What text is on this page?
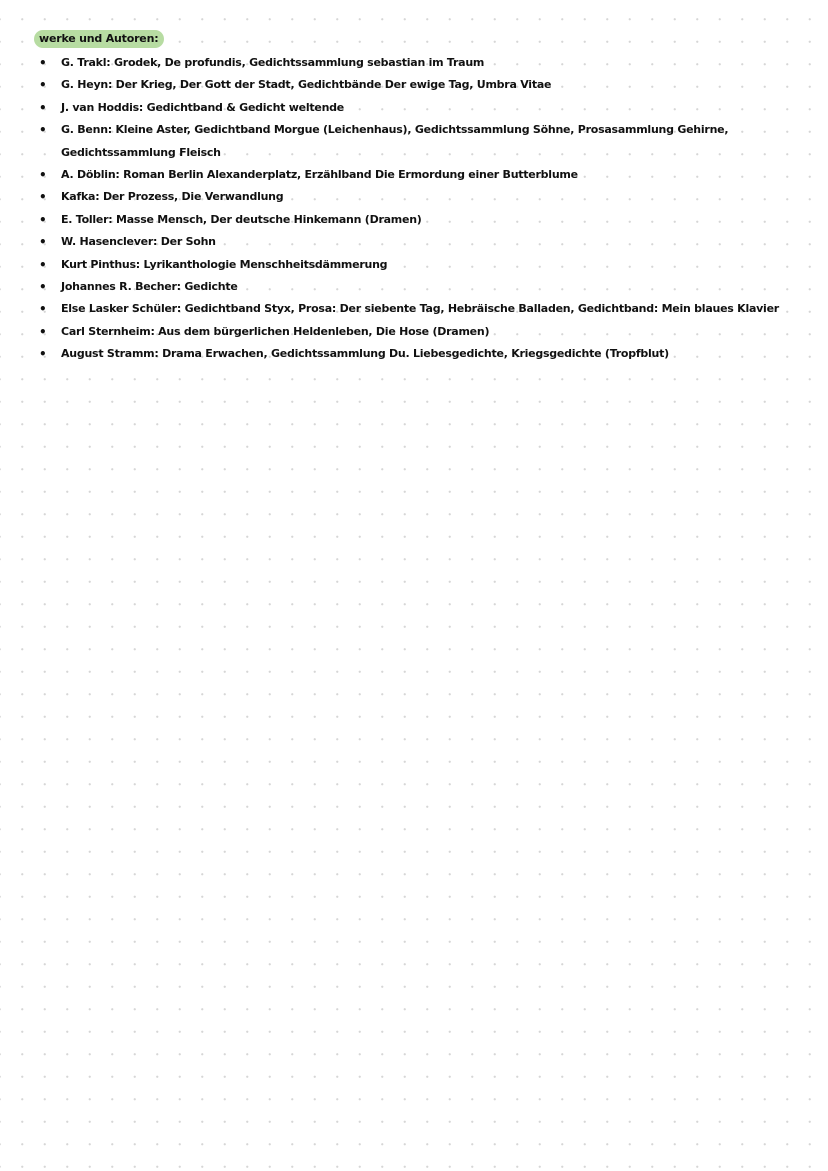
werke und Autoren:
• G. Trakl: Grodek, De profundis, Gedichtssammlung sebastian im Traum
• G. Heyn: Der Krieg, Der Gott der Stadt, Gedichtbände Der ewige Tag, Umbra Vitae
• J. van Hoddis: Gedichtband & Gedicht weltende
• G. Benn: Kleine Aster, Gedichtband Morgue (Leichenhaus), Gedichtssammlung Söhne, Prosasammlung Gehirne, Gedichtssammlung Fleisch
• A. Döblin: Roman Berlin Alexanderplatz, Erzählband Die Ermordung einer Butterblume
• Kafka: Der Prozess, Die Verwandlung
• E. Toller: Masse Mensch, Der deutsche Hinkemann (Dramen)
• W. Hasenclever: Der Sohn
• Kurt Pinthus: Lyrikanthologie Menschheitsdämmerung
• Johannes R. Becher: Gedichte
• Else Lasker Schüler: Gedichtband Styx, Prosa: Der siebente Tag, Hebräische Balladen, Gedichtband: Mein blaues Klavier
• Carl Sternheim: Aus dem bürgerlichen Heldenleben, Die Hose (Dramen)
• August Stramm: Drama Erwachen, Gedichtssammlung Du. Liebesgedichte, Kriegsgedichte (Tropfblut)
